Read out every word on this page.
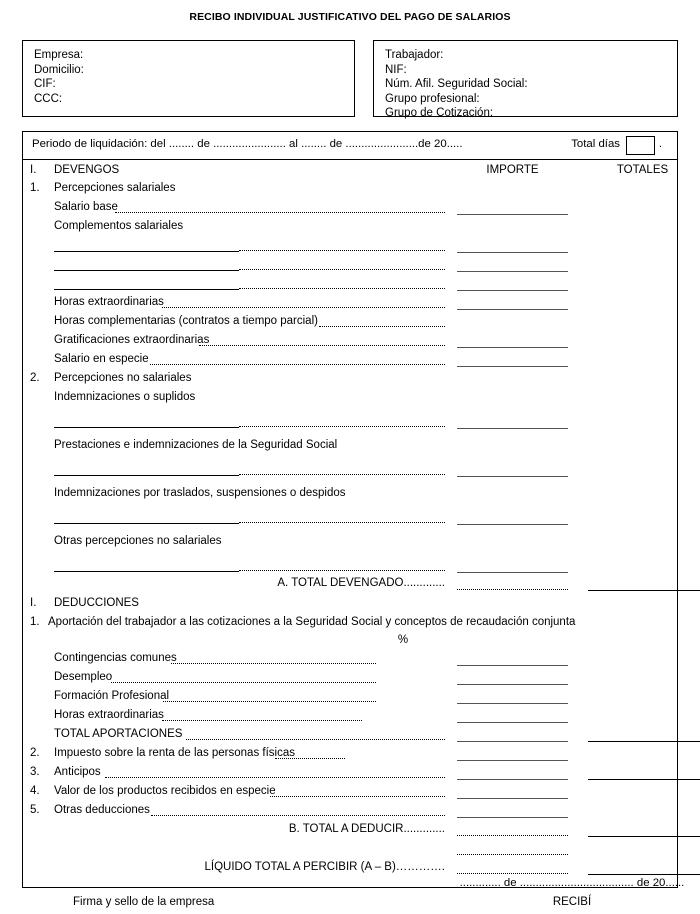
RECIBO INDIVIDUAL JUSTIFICATIVO DEL PAGO DE SALARIOS
Empresa:
Domicilio:
CIF:
CCC:
Trabajador:
NIF:
Núm. Afil. Seguridad Social:
Grupo profesional:
Grupo de Cotización:
Periodo de liquidación: del ........ de ....................... al ........ de .......................de 20.....	Total días	.
I. DEVENGOS	IMPORTE	TOTALES
1. Percepciones salariales
Salario base
Complementos salariales
Horas extraordinarias
Horas complementarias (contratos a tiempo parcial)
Gratificaciones extraordinarias
Salario en especie
2. Percepciones no salariales
Indemnizaciones o suplidos
Prestaciones e indemnizaciones de la Seguridad Social
Indemnizaciones por traslados, suspensiones o despidos
Otras percepciones no salariales
A. TOTAL DEVENGADO.............
I. DEDUCCIONES
1. Aportación del trabajador a las cotizaciones a la Seguridad Social y conceptos de recaudación conjunta
%
Contingencias comunes
Desempleo
Formación Profesional
Horas extraordinarias
TOTAL APORTACIONES
2. Impuesto sobre la renta de las personas físicas
3. Anticipos
4. Valor de los productos recibidos en especie
5. Otras deducciones
B. TOTAL A DEDUCIR.............
LÍQUIDO TOTAL A PERCIBIR (A – B)………….
............. de .................................... de 20......
Firma y sello de la empresa	RECIBÍ
